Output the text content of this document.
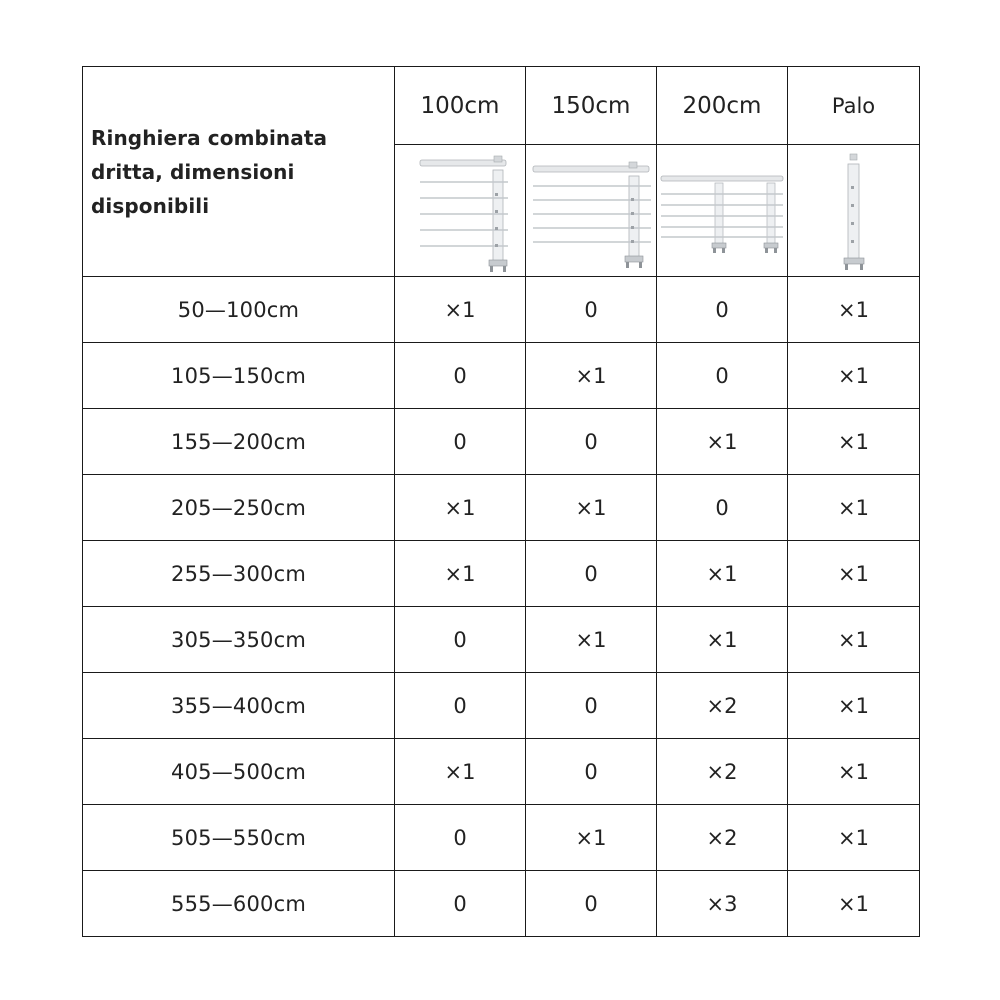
Ringhiera combinata dritta, dimensioni disponibili	100cm	150cm	200cm	Palo

50—100cm	×1	0	0	×1
105—150cm	0	×1	0	×1
155—200cm	0	0	×1	×1
205—250cm	×1	×1	0	×1
255—300cm	×1	0	×1	×1
305—350cm	0	×1	×1	×1
355—400cm	0	0	×2	×1
405—500cm	×1	0	×2	×1
505—550cm	0	×1	×2	×1
555—600cm	0	0	×3	×1
